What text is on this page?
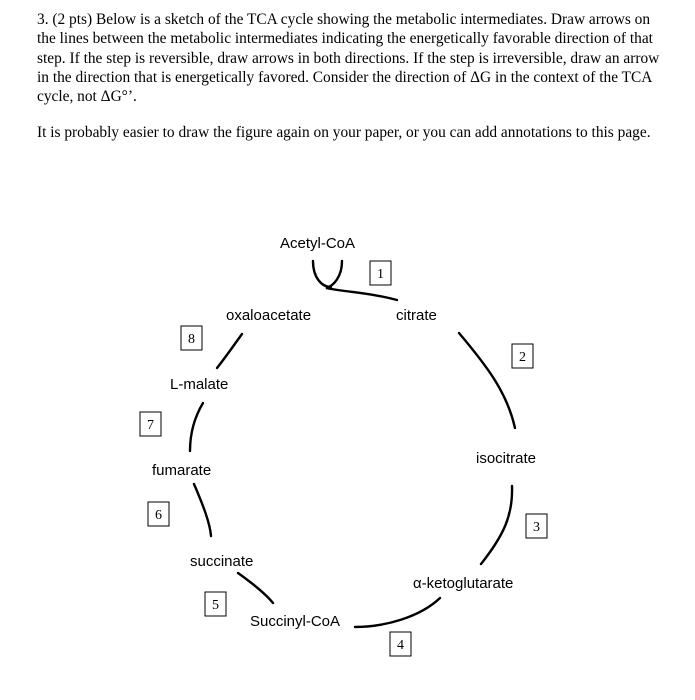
3. (2 pts) Below is a sketch of the TCA cycle showing the metabolic intermediates. Draw arrows on the lines between the metabolic intermediates indicating the energetically favorable direction of that step. If the step is reversible, draw arrows in both directions. If the step is irreversible, draw an arrow in the direction that is energetically favored. Consider the direction of ΔG in the context of the TCA cycle, not ΔG°’.

It is probably easier to draw the figure again on your paper, or you can add annotations to this page.

Acetyl-CoA
oxaloacetate	citrate
isocitrate
α-ketoglutarate
Succinyl-CoA
succinate
fumarate
L-malate
1
2
3
4
5
6
7
8
